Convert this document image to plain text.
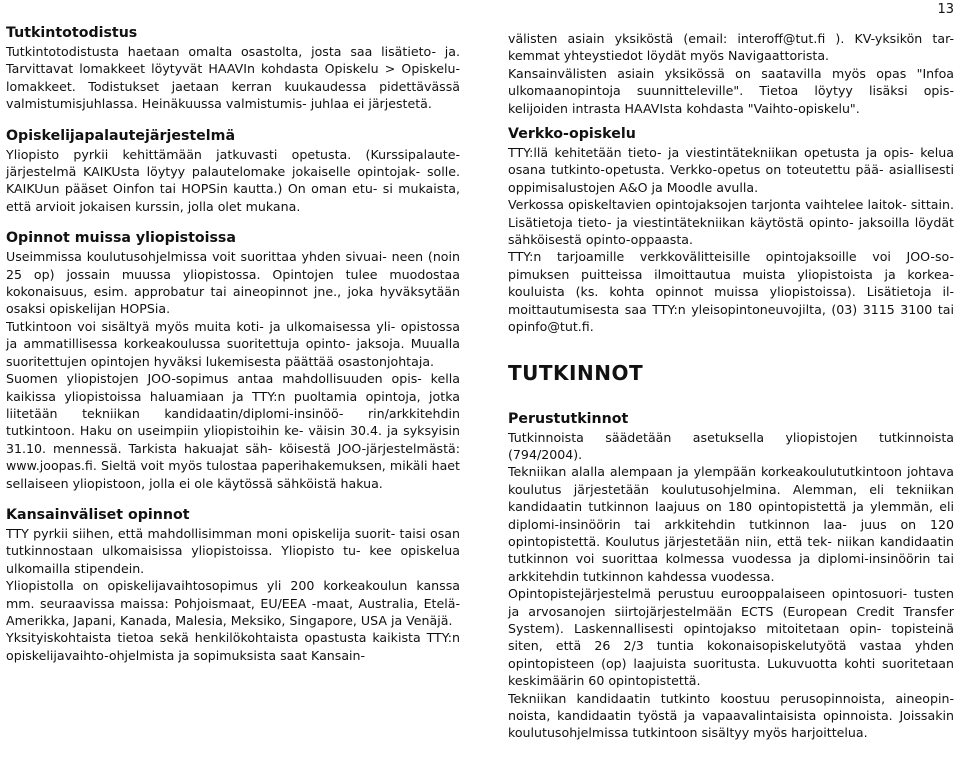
13
Tutkintotodistus

Tutkintotodistusta haetaan omalta osastolta, josta saa lisätieto- ja. Tarvittavat lomakkeet löytyvät HAAVIn kohdasta Opiskelu > Opiskelu-lomakkeet. Todistukset jaetaan kerran kuukaudessa pidettävässä valmistumisjuhlassa. Heinäkuussa valmistumis- juhlaa ei järjestetä.

Opiskelijapalautejärjestelmä

Yliopisto pyrkii kehittämään jatkuvasti opetusta. (Kurssipalaute- järjestelmä KAIKUsta löytyy palautelomake jokaiselle opintojak- solle. KAIKUun pääset Oinfon tai HOPSin kautta.) On oman etu- si mukaista, että arvioit jokaisen kurssin, jolla olet mukana.

Opinnot muissa yliopistoissa

Useimmissa koulutusohjelmissa voit suorittaa yhden sivuai- neen (noin 25 op) jossain muussa yliopistossa. Opintojen tulee muodostaa kokonaisuus, esim. approbatur tai aineopinnot jne., joka hyväksytään osaksi opiskelijan HOPSia.

Tutkintoon voi sisältyä myös muita koti- ja ulkomaisessa yli- opistossa ja ammatillisessa korkeakoulussa suoritettuja opinto- jaksoja. Muualla suoritettujen opintojen hyväksi lukemisesta päättää osastonjohtaja.

Suomen yliopistojen JOO-sopimus antaa mahdollisuuden opis- kella kaikissa yliopistoissa haluamiaan ja TTY:n puoltamia opintoja, jotka liitetään tekniikan kandidaatin/diplomi-insinöö- rin/arkkitehdin tutkintoon. Haku on useimpiin yliopistoihin ke- väisin 30.4. ja syksyisin 31.10. mennessä. Tarkista hakuajat säh- köisestä JOO-järjestelmästä: www.joopas.fi. Sieltä voit myös tulostaa paperihakemuksen, mikäli haet sellaiseen yliopistoon, jolla ei ole käytössä sähköistä hakua.

Kansainväliset opinnot

TTY pyrkii siihen, että mahdollisimman moni opiskelija suorit- taisi osan tutkinnostaan ulkomaisissa yliopistoissa. Yliopisto tu- kee opiskelua ulkomailla stipendein.

Yliopistolla on opiskelijavaihtosopimus yli 200 korkeakoulun kanssa mm. seuraavissa maissa: Pohjoismaat, EU/EEA -maat, Australia, Etelä-Amerikka, Japani, Kanada, Malesia, Meksiko, Singapore, USA ja Venäjä.

Yksityiskohtaista tietoa sekä henkilökohtaista opastusta kaikista TTY:n opiskelijavaihto-ohjelmista ja sopimuksista saat Kansain-

välisten asiain yksiköstä (email: interoff@tut.fi ). KV-yksikön tar- kemmat yhteystiedot löydät myös Navigaattorista.

Kansainvälisten asiain yksikössä on saatavilla myös opas "Infoa ulkomaanopintoja suunnitteleville". Tietoa löytyy lisäksi opis- kelijoiden intrasta HAAVIsta kohdasta "Vaihto-opiskelu".

Verkko-opiskelu

TTY:llä kehitetään tieto- ja viestintätekniikan opetusta ja opis- kelua osana tutkinto-opetusta. Verkko-opetus on toteutettu pää- asiallisesti oppimisalustojen A&O ja Moodle avulla.

Verkossa opiskeltavien opintojaksojen tarjonta vaihtelee laitok- sittain. Lisätietoja tieto- ja viestintätekniikan käytöstä opinto- jaksoilla löydät sähköisestä opinto-oppaasta.

TTY:n tarjoamille verkkovälitteisille opintojaksoille voi JOO-so- pimuksen puitteissa ilmoittautua muista yliopistoista ja korkea- kouluista (ks. kohta opinnot muissa yliopistoissa). Lisätietoja il- moittautumisesta saa TTY:n yleisopintoneuvojilta, (03) 3115 3100 tai opinfo@tut.fi.

TUTKINNOT
Perustutkinnot

Tutkinnoista säädetään asetuksella yliopistojen tutkinnoista (794/2004).

Tekniikan alalla alempaan ja ylempään korkeakoulututkintoon johtava koulutus järjestetään koulutusohjelmina. Alemman, eli tekniikan kandidaatin tutkinnon laajuus on 180 opintopistettä ja ylemmän, eli diplomi-insinöörin tai arkkitehdin tutkinnon laa- juus on 120 opintopistettä. Koulutus järjestetään niin, että tek- niikan kandidaatin tutkinnon voi suorittaa kolmessa vuodessa ja diplomi-insinöörin tai arkkitehdin tutkinnon kahdessa vuodessa.

Opintopistejärjestelmä perustuu eurooppalaiseen opintosuori- tusten ja arvosanojen siirtojärjestelmään ECTS (European Credit Transfer System). Laskennallisesti opintojakso mitoitetaan opin- topisteinä siten, että 26 2/3 tuntia kokonaisopiskelutyötä vastaa yhden opintopisteen (op) laajuista suoritusta. Lukuvuotta kohti suoritetaan keskimäärin 60 opintopistettä.

Tekniikan kandidaatin tutkinto koostuu perusopinnoista, aineopin- noista, kandidaatin työstä ja vapaavalintaisista opinnoista. Joissakin koulutusohjelmissa tutkintoon sisältyy myös harjoittelua.
